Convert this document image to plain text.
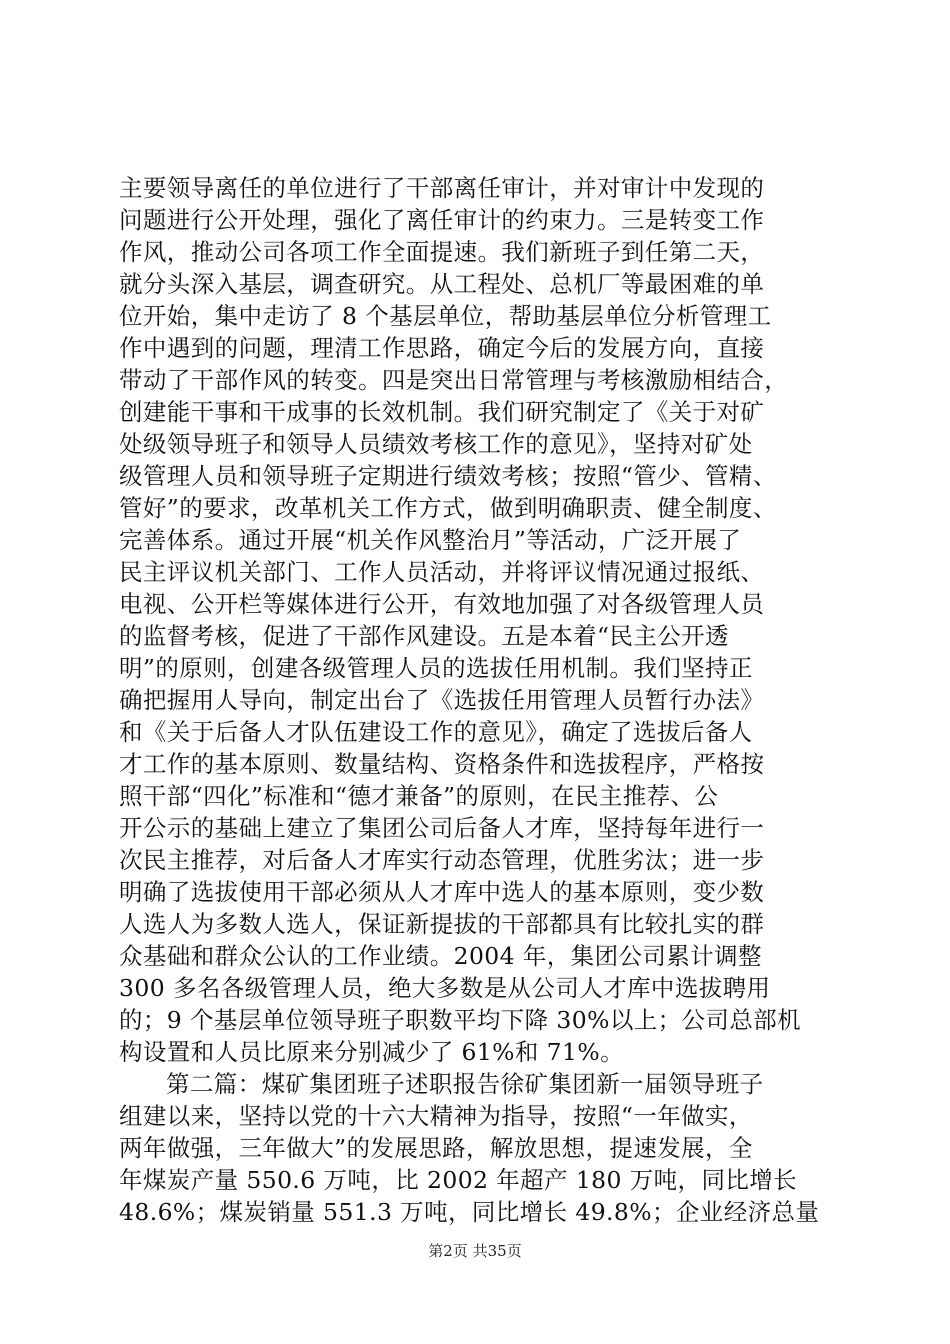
主要领导离任的单位进行了干部离任审计，并对审计中发现的
问题进行公开处理，强化了离任审计的约束力。三是转变工作
作风，推动公司各项工作全面提速。我们新班子到任第二天，
就分头深入基层，调查研究。从工程处、总机厂等最困难的单
位开始，集中走访了 8 个基层单位，帮助基层单位分析管理工
作中遇到的问题，理清工作思路，确定今后的发展方向，直接
带动了干部作风的转变。四是突出日常管理与考核激励相结合，
创建能干事和干成事的长效机制。我们研究制定了《关于对矿
处级领导班子和领导人员绩效考核工作的意见》，坚持对矿处
级管理人员和领导班子定期进行绩效考核；按照“管少、管精、
管好”的要求，改革机关工作方式，做到明确职责、健全制度、
完善体系。通过开展“机关作风整治月”等活动，广泛开展了
民主评议机关部门、工作人员活动，并将评议情况通过报纸、
电视、公开栏等媒体进行公开，有效地加强了对各级管理人员
的监督考核，促进了干部作风建设。五是本着“民主公开透
明”的原则，创建各级管理人员的选拔任用机制。我们坚持正
确把握用人导向，制定出台了《选拔任用管理人员暂行办法》
和《关于后备人才队伍建设工作的意见》，确定了选拔后备人
才工作的基本原则、数量结构、资格条件和选拔程序，严格按
照干部“四化”标准和“德才兼备”的原则，在民主推荐、公
开公示的基础上建立了集团公司后备人才库，坚持每年进行一
次民主推荐，对后备人才库实行动态管理，优胜劣汰；进一步
明确了选拔使用干部必须从人才库中选人的基本原则，变少数
人选人为多数人选人，保证新提拔的干部都具有比较扎实的群
众基础和群众公认的工作业绩。2004 年，集团公司累计调整
300 多名各级管理人员，绝大多数是从公司人才库中选拔聘用
的；9 个基层单位领导班子职数平均下降 30%以上；公司总部机
构设置和人员比原来分别减少了 61%和 71%。
第二篇：煤矿集团班子述职报告徐矿集团新一届领导班子
组建以来，坚持以党的十六大精神为指导，按照“一年做实，
两年做强，三年做大”的发展思路，解放思想，提速发展，全
年煤炭产量 550.6 万吨，比 2002 年超产 180 万吨，同比增长
48.6%；煤炭销量 551.3 万吨，同比增长 49.8%；企业经济总量
第2页 共35页
